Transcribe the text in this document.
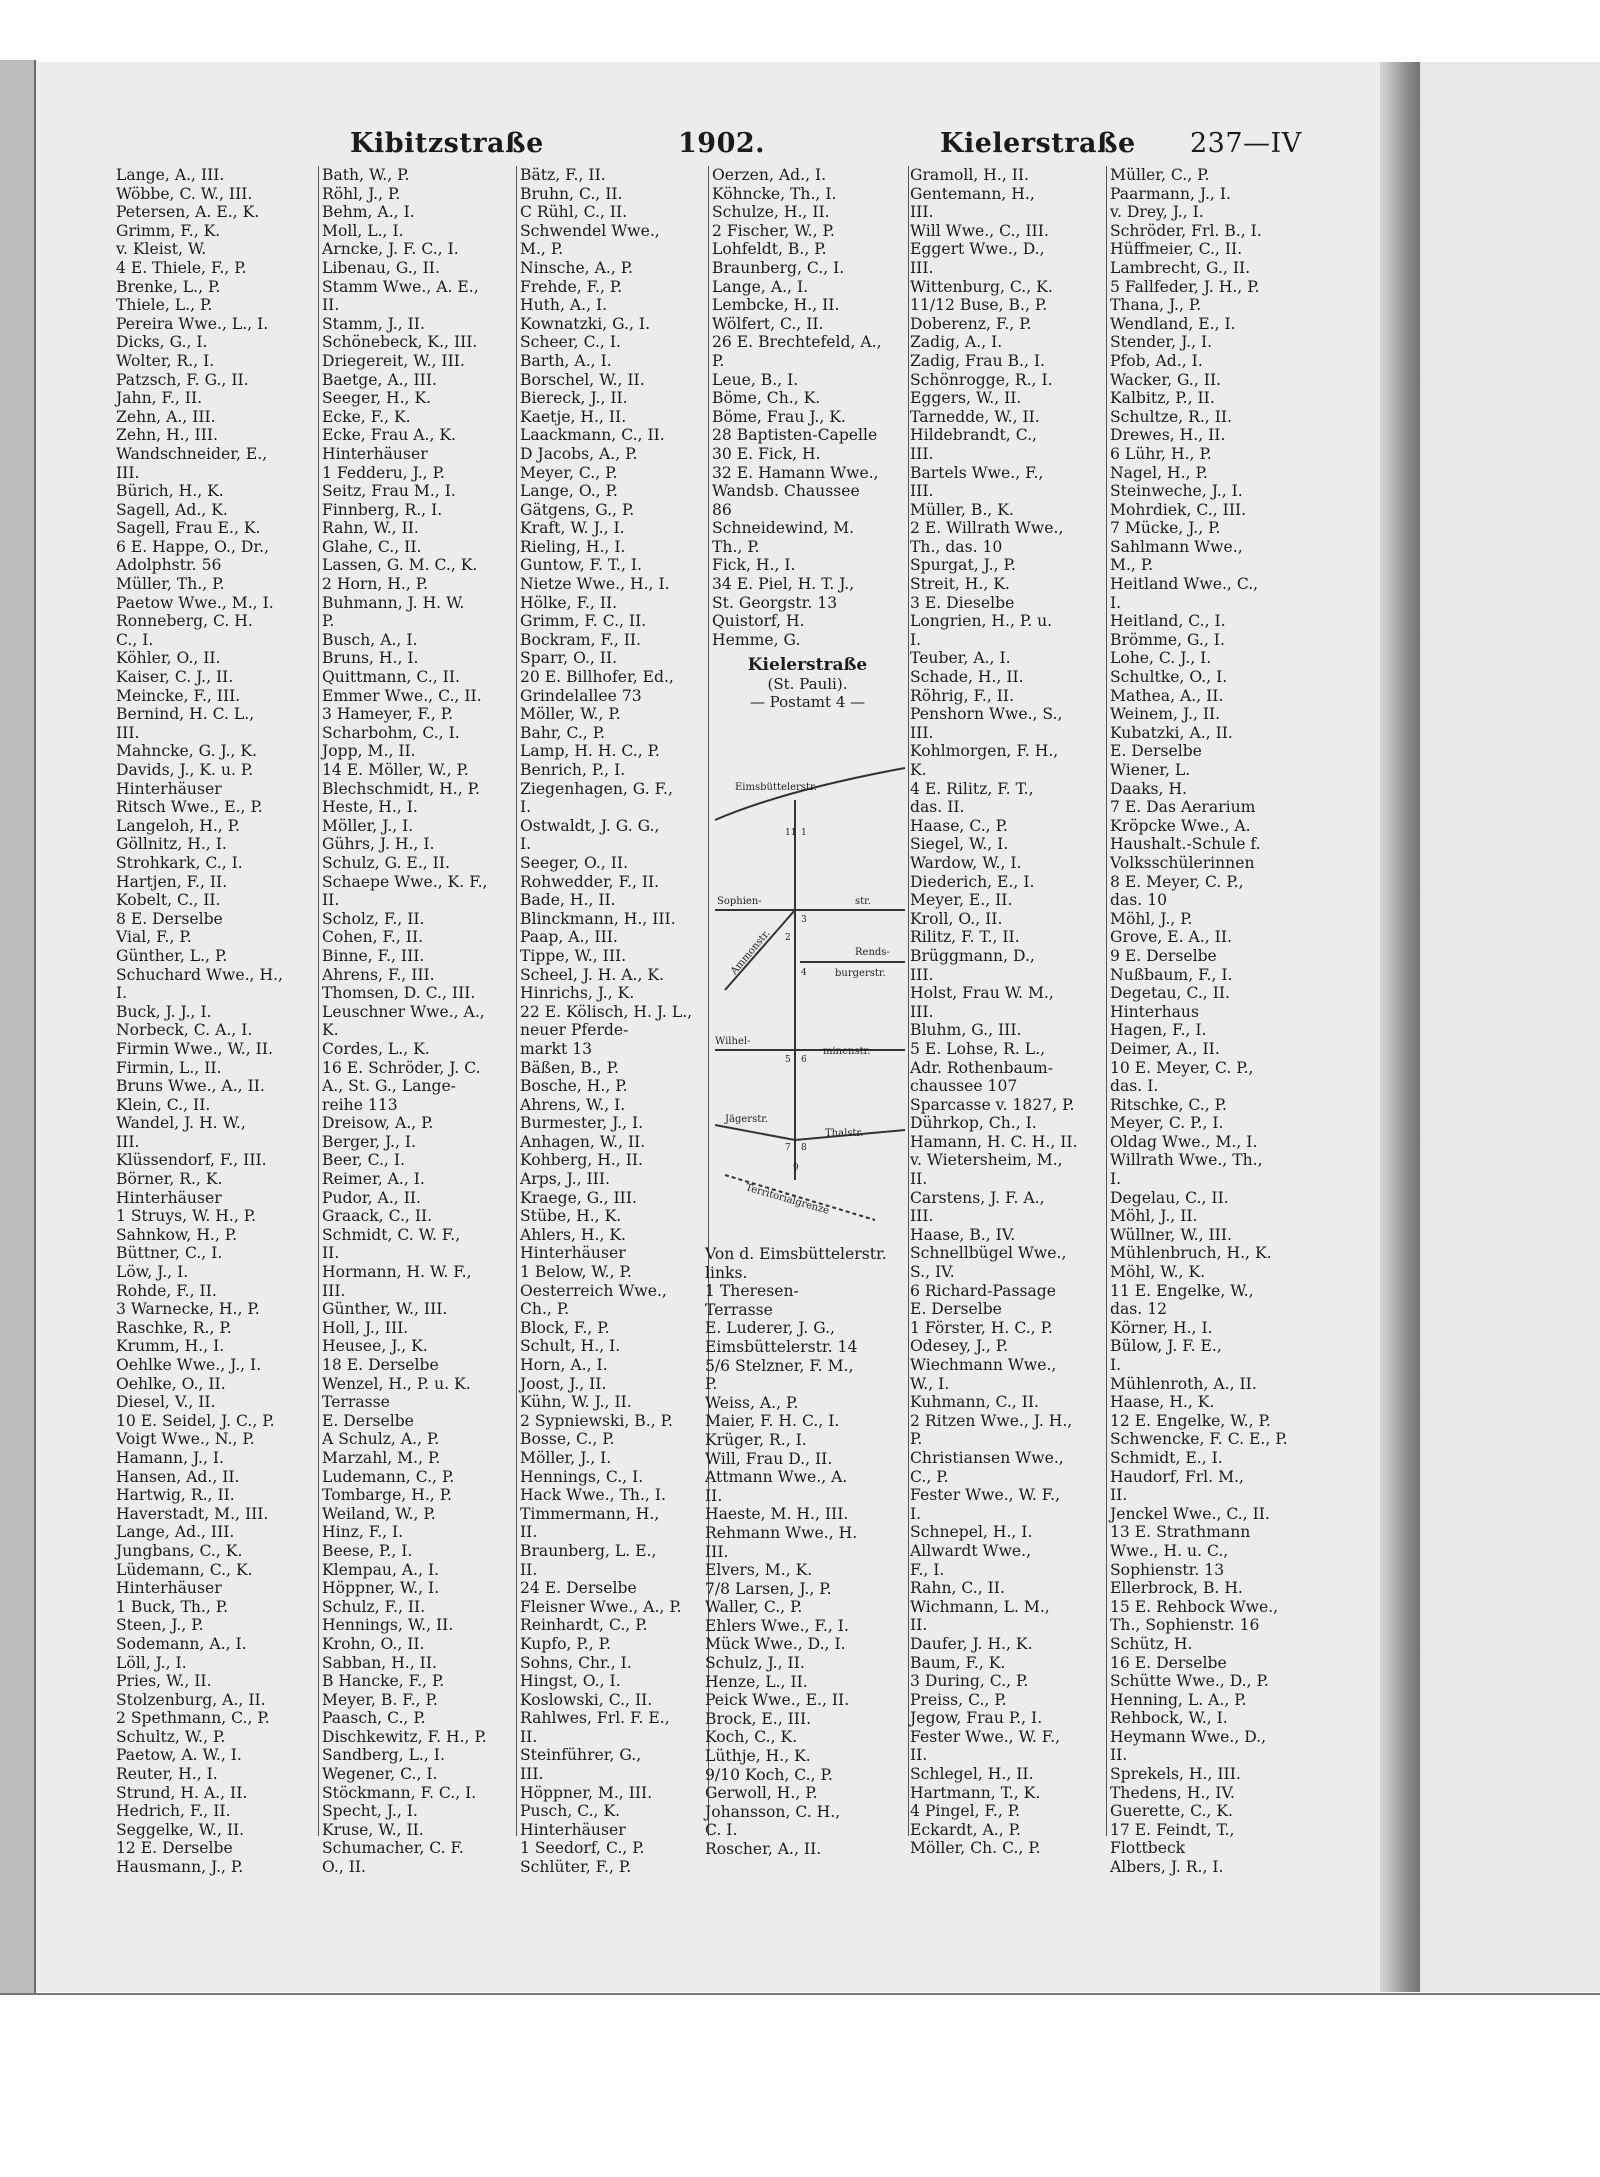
Kibitzstraße	1902.	Kielerstraße 237—IV
Lange, A., III.
Wöbbe, C. W., III.
Petersen, A. E., K.
Grimm, F., K.
v. Kleist, W.
4 E. Thiele, F., P.
Brenke, L., P.
Thiele, L., P.
Pereira Wwe., L., I.
Dicks, G., I.
Wolter, R., I.
Patzsch, F. G., II.
Jahn, F., II.
Zehn, A., III.
Zehn, H., III.
Wandschneider, E.,
III.
Bürich, H., K.
Sagell, Ad., K.
Sagell, Frau E., K.
6 E. Happe, O., Dr.,
Adolphstr. 56
Müller, Th., P.
Paetow Wwe., M., I.
Ronneberg, C. H.
C., I.
Köhler, O., II.
Kaiser, C. J., II.
Meincke, F., III.
Bernind, H. C. L.,
III.
Mahncke, G. J., K.
Davids, J., K. u. P.
Hinterhäuser
Ritsch Wwe., E., P.
Langeloh, H., P.
Göllnitz, H., I.
Strohkark, C., I.
Hartjen, F., II.
Kobelt, C., II.
8 E. Derselbe
Vial, F., P.
Günther, L., P.
Schuchard Wwe., H.,
I.
Buck, J. J., I.
Norbeck, C. A., I.
Firmin Wwe., W., II.
Firmin, L., II.
Bruns Wwe., A., II.
Klein, C., II.
Wandel, J. H. W.,
III.
Klüssendorf, F., III.
Börner, R., K.
Hinterhäuser
1 Struys, W. H., P.
Sahnkow, H., P.
Büttner, C., I.
Löw, J., I.
Rohde, F., II.
3 Warnecke, H., P.
Raschke, R., P.
Krumm, H., I.
Oehlke Wwe., J., I.
Oehlke, O., II.
Diesel, V., II.
10 E. Seidel, J. C., P.
Voigt Wwe., N., P.
Hamann, J., I.
Hansen, Ad., II.
Hartwig, R., II.
Haverstadt, M., III.
Lange, Ad., III.
Jungbans, C., K.
Lüdemann, C., K.
Hinterhäuser
1 Buck, Th., P.
Steen, J., P.
Sodemann, A., I.
Löll, J., I.
Pries, W., II.
Stolzenburg, A., II.
2 Spethmann, C., P.
Schultz, W., P.
Paetow, A. W., I.
Reuter, H., I.
Strund, H. A., II.
Hedrich, F., II.
Seggelke, W., II.
12 E. Derselbe
Hausmann, J., P.
Bath, W., P.
Röhl, J., P.
Behm, A., I.
Moll, L., I.
Arncke, J. F. C., I.
Libenau, G., II.
Stamm Wwe., A. E.,
II.
Stamm, J., II.
Schönebeck, K., III.
Driegereit, W., III.
Baetge, A., III.
Seeger, H., K.
Ecke, F., K.
Ecke, Frau A., K.
Hinterhäuser
1 Fedderu, J., P.
Seitz, Frau M., I.
Finnberg, R., I.
Rahn, W., II.
Glahe, C., II.
Lassen, G. M. C., K.
2 Horn, H., P.
Buhmann, J. H. W.
P.
Busch, A., I.
Bruns, H., I.
Quittmann, C., II.
Emmer Wwe., C., II.
3 Hameyer, F., P.
Scharbohm, C., I.
Jopp, M., II.
14 E. Möller, W., P.
Blechschmidt, H., P.
Heste, H., I.
Möller, J., I.
Gührs, J. H., I.
Schulz, G. E., II.
Schaepe Wwe., K. F.,
II.
Scholz, F., II.
Cohen, F., II.
Binne, F., III.
Ahrens, F., III.
Thomsen, D. C., III.
Leuschner Wwe., A.,
K.
Cordes, L., K.
16 E. Schröder, J. C.
A., St. G., Lange-
reihe 113
Dreisow, A., P.
Berger, J., I.
Beer, C., I.
Reimer, A., I.
Pudor, A., II.
Graack, C., II.
Schmidt, C. W. F.,
II.
Hormann, H. W. F.,
III.
Günther, W., III.
Holl, J., III.
Heusee, J., K.
18 E. Derselbe
Wenzel, H., P. u. K.
Terrasse
E. Derselbe
A Schulz, A., P.
Marzahl, M., P.
Ludemann, C., P.
Tombarge, H., P.
Weiland, W., P.
Hinz, F., I.
Beese, P., I.
Klempau, A., I.
Höppner, W., I.
Schulz, F., II.
Hennings, W., II.
Krohn, O., II.
Sabban, H., II.
B Hancke, F., P.
Meyer, B. F., P.
Paasch, C., P.
Dischkewitz, F. H., P.
Sandberg, L., I.
Wegener, C., I.
Stöckmann, F. C., I.
Specht, J., I.
Kruse, W., II.
Schumacher, C. F.
O., II.
Bätz, F., II.
Bruhn, C., II.
C Rühl, C., II.
Schwendel Wwe.,
M., P.
Ninsche, A., P.
Frehde, F., P.
Huth, A., I.
Kownatzki, G., I.
Scheer, C., I.
Barth, A., I.
Borschel, W., II.
Biereck, J., II.
Kaetje, H., II.
Laackmann, C., II.
D Jacobs, A., P.
Meyer, C., P.
Lange, O., P.
Gätgens, G., P.
Kraft, W. J., I.
Rieling, H., I.
Guntow, F. T., I.
Nietze Wwe., H., I.
Hölke, F., II.
Grimm, F. C., II.
Bockram, F., II.
Sparr, O., II.
20 E. Billhofer, Ed.,
Grindelallee 73
Möller, W., P.
Bahr, C., P.
Lamp, H. H. C., P.
Benrich, P., I.
Ziegenhagen, G. F.,
I.
Ostwaldt, J. G. G.,
I.
Seeger, O., II.
Rohwedder, F., II.
Bade, H., II.
Blinckmann, H., III.
Paap, A., III.
Tippe, W., III.
Scheel, J. H. A., K.
Hinrichs, J., K.
22 E. Kölisch, H. J. L.,
neuer Pferde-
markt 13
Bäßen, B., P.
Bosche, H., P.
Ahrens, W., I.
Burmester, J., I.
Anhagen, W., II.
Kohberg, H., II.
Arps, J., III.
Kraege, G., III.
Stübe, H., K.
Ahlers, H., K.
Hinterhäuser
1 Below, W., P.
Oesterreich Wwe.,
Ch., P.
Block, F., P.
Schult, H., I.
Horn, A., I.
Joost, J., II.
Kühn, W. J., II.
2 Sypniewski, B., P.
Bosse, C., P.
Möller, J., I.
Hennings, C., I.
Hack Wwe., Th., I.
Timmermann, H.,
II.
Braunberg, L. E.,
II.
24 E. Derselbe
Fleisner Wwe., A., P.
Reinhardt, C., P.
Kupfo, P., P.
Sohns, Chr., I.
Hingst, O., I.
Koslowski, C., II.
Rahlwes, Frl. F. E.,
II.
Steinführer, G.,
III.
Höppner, M., III.
Pusch, C., K.
Hinterhäuser
1 Seedorf, C., P.
Schlüter, F., P.
Oerzen, Ad., I.
Köhncke, Th., I.
Schulze, H., II.
2 Fischer, W., P.
Lohfeldt, B., P.
Braunberg, C., I.
Lange, A., I.
Lembcke, H., II.
Wölfert, C., II.
26 E. Brechtefeld, A.,
P.
Leue, B., I.
Böme, Ch., K.
Böme, Frau J., K.
28 Baptisten-Capelle
30 E. Fick, H.
32 E. Hamann Wwe.,
Wandsb. Chaussee
86
Schneidewind, M.
Th., P.
Fick, H., I.
34 E. Piel, H. T. J.,
St. Georgstr. 13
Quistorf, H.
Hemme, G.
Gramoll, H., II.
Gentemann, H.,
III.
Will Wwe., C., III.
Eggert Wwe., D.,
III.
Wittenburg, C., K.
11/12 Buse, B., P.
Doberenz, F., P.
Zadig, A., I.
Zadig, Frau B., I.
Schönrogge, R., I.
Eggers, W., II.
Tarnedde, W., II.
Hildebrandt, C.,
III.
Bartels Wwe., F.,
III.
Müller, B., K.
2 E. Willrath Wwe.,
Th., das. 10
Spurgat, J., P.
Streit, H., K.
3 E. Dieselbe
Longrien, H., P. u.
I.
Teuber, A., I.
Schade, H., II.
Röhrig, F., II.
Penshorn Wwe., S.,
III.
Kohlmorgen, F. H.,
K.
4 E. Rilitz, F. T.,
das. II.
Haase, C., P.
Siegel, W., I.
Wardow, W., I.
Diederich, E., I.
Meyer, E., II.
Kroll, O., II.
Rilitz, F. T., II.
Brüggmann, D.,
III.
Holst, Frau W. M.,
III.
Bluhm, G., III.
5 E. Lohse, R. L.,
Adr. Rothenbaum-
chaussee 107
Sparcasse v. 1827, P.
Dührkop, Ch., I.
Hamann, H. C. H., II.
v. Wietersheim, M.,
II.
Carstens, J. F. A.,
III.
Haase, B., IV.
Schnellbügel Wwe.,
S., IV.
6 Richard-Passage
E. Derselbe
1 Förster, H. C., P.
Odesey, J., P.
Wiechmann Wwe.,
W., I.
Kuhmann, C., II.
2 Ritzen Wwe., J. H.,
P.
Christiansen Wwe.,
C., P.
Fester Wwe., W. F.,
I.
Schnepel, H., I.
Allwardt Wwe.,
F., I.
Rahn, C., II.
Wichmann, L. M.,
II.
Daufer, J. H., K.
Baum, F., K.
3 During, C., P.
Preiss, C., P.
Jegow, Frau P., I.
Fester Wwe., W. F.,
II.
Schlegel, H., II.
Hartmann, T., K.
4 Pingel, F., P.
Eckardt, A., P.
Möller, Ch. C., P.
Müller, C., P.
Paarmann, J., I.
v. Drey, J., I.
Schröder, Frl. B., I.
Hüffmeier, C., II.
Lambrecht, G., II.
5 Fallfeder, J. H., P.
Thana, J., P.
Wendland, E., I.
Stender, J., I.
Pfob, Ad., I.
Wacker, G., II.
Kalbitz, P., II.
Schultze, R., II.
Drewes, H., II.
6 Lühr, H., P.
Nagel, H., P.
Steinweche, J., I.
Mohrdiek, C., III.
7 Mücke, J., P.
Sahlmann Wwe.,
M., P.
Heitland Wwe., C.,
I.
Heitland, C., I.
Brömme, G., I.
Lohe, C. J., I.
Schultke, O., I.
Mathea, A., II.
Weinem, J., II.
Kubatzki, A., II.
E. Derselbe
Wiener, L.
Daaks, H.
7 E. Das Aerarium
Kröpcke Wwe., A.
Haushalt.-Schule f.
Volksschülerinnen
8 E. Meyer, C. P.,
das. 10
Möhl, J., P.
Grove, E. A., II.
9 E. Derselbe
Nußbaum, F., I.
Degetau, C., II.
Hinterhaus
Hagen, F., I.
Deimer, A., II.
10 E. Meyer, C. P.,
das. I.
Ritschke, C., P.
Meyer, C. P., I.
Oldag Wwe., M., I.
Willrath Wwe., Th.,
I.
Degelau, C., II.
Möhl, J., II.
Wüllner, W., III.
Mühlenbruch, H., K.
Möhl, W., K.
11 E. Engelke, W.,
das. 12
Körner, H., I.
Bülow, J. F. E.,
I.
Mühlenroth, A., II.
Haase, H., K.
12 E. Engelke, W., P.
Schwencke, F. C. E., P.
Schmidt, E., I.
Haudorf, Frl. M.,
II.
Jenckel Wwe., C., II.
13 E. Strathmann
Wwe., H. u. C.,
Sophienstr. 13
Ellerbrock, B. H.
15 E. Rehbock Wwe.,
Th., Sophienstr. 16
Schütz, H.
16 E. Derselbe
Schütte Wwe., D., P.
Henning, L. A., P.
Rehbock, W., I.
Heymann Wwe., D.,
II.
Sprekels, H., III.
Thedens, H., IV.
Guerette, C., K.
17 E. Feindt, T.,
Flottbeck
Albers, J. R., I.
Kielerstraße
(St. Pauli).
— Postamt 4 —
Eimsbüttelerstr.
Sophien-	str.
Ammonstr.	Rends-
burgerstr.
Wilhel-
minenstr.
Jägerstr.
Thalstr.
Territorialgrenze
11 1
3
2
4
5 6
7 8
9
Von d. Eimsbüttelerstr.
links.
1 Theresen-
Terrasse
E. Luderer, J. G.,
Eimsbüttelerstr. 14
5/6 Stelzner, F. M.,
P.
Weiss, A., P.
Maier, F. H. C., I.
Krüger, R., I.
Will, Frau D., II.
Attmann Wwe., A.
II.
Haeste, M. H., III.
Rehmann Wwe., H.
III.
Elvers, M., K.
7/8 Larsen, J., P.
Waller, C., P.
Ehlers Wwe., F., I.
Mück Wwe., D., I.
Schulz, J., II.
Henze, L., II.
Peick Wwe., E., II.
Brock, E., III.
Koch, C., K.
Lüthje, H., K.
9/10 Koch, C., P.
Gerwoll, H., P.
Johansson, C. H.,
C. I.
Roscher, A., II.
